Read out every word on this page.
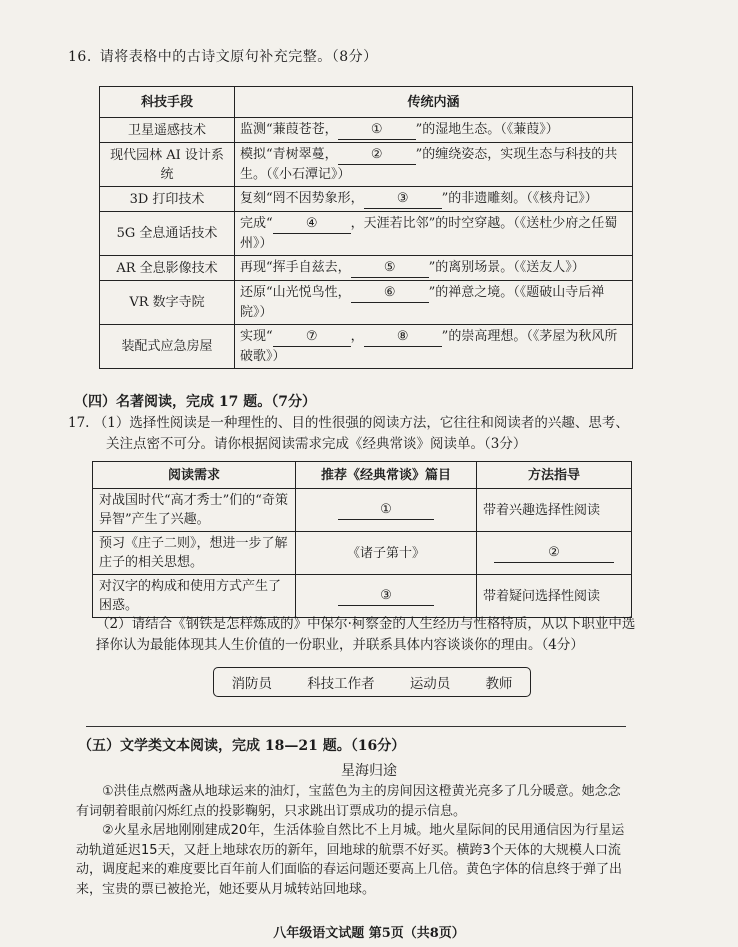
16. 请将表格中的古诗文原句补充完整。（8分）
科技手段	传统内涵
卫星遥感技术	监测“蒹葭苍苍， ① ”的湿地生态。（《蒹葭》）
现代园林 AI 设计系统	模拟“青树翠蔓， ② ”的缠绕姿态，实现生态与科技的共生。（《小石潭记》）
3D 打印技术	复刻“罔不因势象形， ③ ”的非遗雕刻。（《核舟记》）
5G 全息通话技术	完成“ ④ ，天涯若比邻”的时空穿越。（《送杜少府之任蜀州》）
AR 全息影像技术	再现“挥手自兹去， ⑤ ”的离别场景。（《送友人》）
VR 数字寺院	还原“山光悦鸟性， ⑥ ”的禅意之境。（《题破山寺后禅院》）
装配式应急房屋	实现“ ⑦ ， ⑧ ”的崇高理想。（《茅屋为秋风所破歌》）
（四）名著阅读，完成 17 题。（7分）
17. （1）选择性阅读是一种理性的、目的性很强的阅读方法，它往往和阅读者的兴趣、思考、关注点密不可分。请你根据阅读需求完成《经典常谈》阅读单。（3分）
阅读需求	推荐《经典常谈》篇目	方法指导
对战国时代“高才秀士”们的“奇策异智”产生了兴趣。	①	带着兴趣选择性阅读
预习《庄子二则》，想进一步了解庄子的相关思想。	《诸子第十》	②
对汉字的构成和使用方式产生了困惑。	③	带着疑问选择性阅读
（2）请结合《钢铁是怎样炼成的》中保尔·柯察金的人生经历与性格特质，从以下职业中选择你认为最能体现其人生价值的一份职业，并联系具体内容谈谈你的理由。（4分）
消防员	科技工作者	运动员	教师
（五）文学类文本阅读，完成 18—21 题。（16分）
星海归途

①洪佳点燃两盏从地球运来的油灯，宝蓝色为主的房间因这橙黄光亮多了几分暖意。她念念有词朝着眼前闪烁红点的投影鞠躬，只求跳出订票成功的提示信息。

②火星永居地刚刚建成20年，生活体验自然比不上月城。地火星际间的民用通信因为行星运动轨道延迟15天，又赶上地球农历的新年，回地球的航票不好买。横跨3个天体的大规模人口流动，调度起来的难度要比百年前人们面临的春运问题还要高上几倍。黄色字体的信息终于弹了出来，宝贵的票已被抢光，她还要从月城转站回地球。

八年级语文试题 第5页（共8页）
